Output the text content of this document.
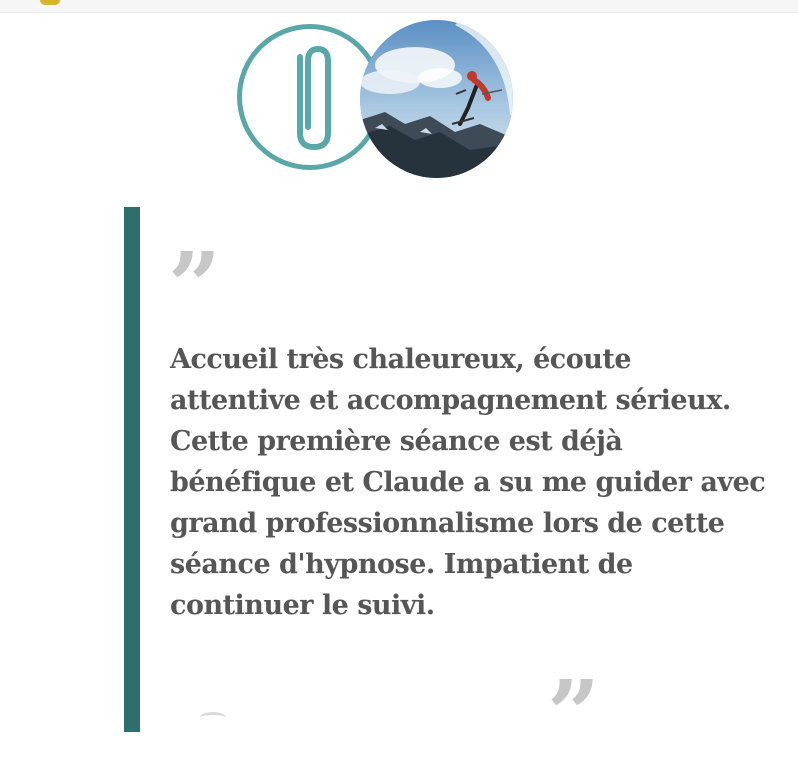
”

Accueil très chaleureux, écoute attentive et accompagnement sérieux. Cette première séance est déjà bénéfique et Claude a su me guider avec grand professionnalisme lors de cette séance d'hypnose. Impatient de continuer le suivi.

”
